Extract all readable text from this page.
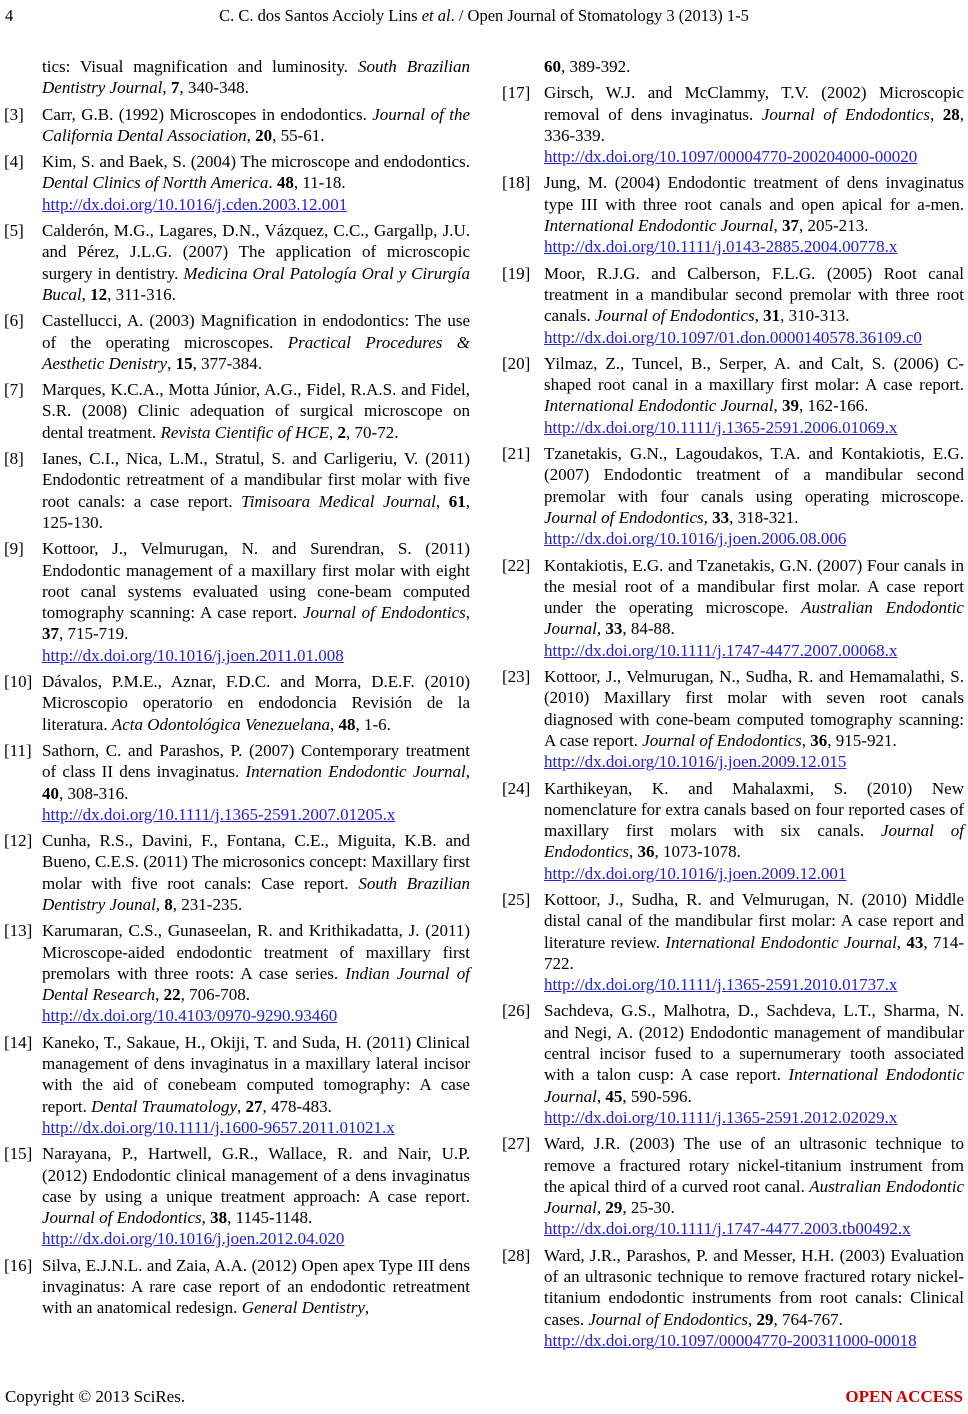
4	C. C. dos Santos Accioly Lins et al. / Open Journal of Stomatology 3 (2013) 1-5
tics: Visual magnification and luminosity. South Brazilian Dentistry Journal, 7, 340-348.
[3]	Carr, G.B. (1992) Microscopes in endodontics. Journal of the California Dental Association, 20, 55-61.
[4]	Kim, S. and Baek, S. (2004) The microscope and endodontics. Dental Clinics of Nortth America. 48, 11-18.
http://dx.doi.org/10.1016/j.cden.2003.12.001
[5]	Calderón, M.G., Lagares, D.N., Vázquez, C.C., Gargallp, J.U. and Pérez, J.L.G. (2007) The application of microscopic surgery in dentistry. Medicina Oral Patología Oral y Cirurgía Bucal, 12, 311-316.
[6]	Castellucci, A. (2003) Magnification in endodontics: The use of the operating microscopes. Practical Procedures & Aesthetic Denistry, 15, 377-384.
[7]	Marques, K.C.A., Motta Júnior, A.G., Fidel, R.A.S. and Fidel, S.R. (2008) Clinic adequation of surgical microscope on dental treatment. Revista Cientific of HCE, 2, 70-72.
[8]	Ianes, C.I., Nica, L.M., Stratul, S. and Carligeriu, V. (2011) Endodontic retreatment of a mandibular first molar with five root canals: a case report. Timisoara Medical Journal, 61, 125-130.
[9]	Kottoor, J., Velmurugan, N. and Surendran, S. (2011) Endodontic management of a maxillary first molar with eight root canal systems evaluated using cone-beam computed tomography scanning: A case report. Journal of Endodontics, 37, 715-719.
http://dx.doi.org/10.1016/j.joen.2011.01.008
[10] Dávalos, P.M.E., Aznar, F.D.C. and Morra, D.E.F. (2010) Microscopio operatorio en endodoncia Revisión de la literatura. Acta Odontológica Venezuelana, 48, 1-6.
[11] Sathorn, C. and Parashos, P. (2007) Contemporary treatment of class II dens invaginatus. Internation Endodontic Journal, 40, 308-316.
http://dx.doi.org/10.1111/j.1365-2591.2007.01205.x
[12] Cunha, R.S., Davini, F., Fontana, C.E., Miguita, K.B. and Bueno, C.E.S. (2011) The microsonics concept: Maxillary first molar with five root canals: Case report. South Brazilian Dentistry Jounal, 8, 231-235.
[13] Karumaran, C.S., Gunaseelan, R. and Krithikadatta, J. (2011) Microscope-aided endodontic treatment of maxillary first premolars with three roots: A case series. Indian Journal of Dental Research, 22, 706-708.
http://dx.doi.org/10.4103/0970-9290.93460
[14] Kaneko, T., Sakaue, H., Okiji, T. and Suda, H. (2011) Clinical management of dens invaginatus in a maxillary lateral incisor with the aid of conebeam computed tomography: A case report. Dental Traumatology, 27, 478-483.
http://dx.doi.org/10.1111/j.1600-9657.2011.01021.x
[15] Narayana, P., Hartwell, G.R., Wallace, R. and Nair, U.P. (2012) Endodontic clinical management of a dens invaginatus case by using a unique treatment approach: A case report. Journal of Endodontics, 38, 1145-1148.
http://dx.doi.org/10.1016/j.joen.2012.04.020
[16] Silva, E.J.N.L. and Zaia, A.A. (2012) Open apex Type III dens invaginatus: A rare case report of an endodontic retreatment with an anatomical redesign. General Dentistry,
60, 389-392.
[17] Girsch, W.J. and McClammy, T.V. (2002) Microscopic removal of dens invaginatus. Journal of Endodontics, 28, 336-339.
http://dx.doi.org/10.1097/00004770-200204000-00020
[18] Jung, M. (2004) Endodontic treatment of dens invaginatus type III with three root canals and open apical for a-men. International Endodontic Journal, 37, 205-213.
http://dx.doi.org/10.1111/j.0143-2885.2004.00778.x
[19] Moor, R.J.G. and Calberson, F.L.G. (2005) Root canal treatment in a mandibular second premolar with three root canals. Journal of Endodontics, 31, 310-313.
http://dx.doi.org/10.1097/01.don.0000140578.36109.c0
[20] Yilmaz, Z., Tuncel, B., Serper, A. and Calt, S. (2006) C-shaped root canal in a maxillary first molar: A case report. International Endodontic Journal, 39, 162-166.
http://dx.doi.org/10.1111/j.1365-2591.2006.01069.x
[21] Tzanetakis, G.N., Lagoudakos, T.A. and Kontakiotis, E.G. (2007) Endodontic treatment of a mandibular second premolar with four canals using operating microscope. Journal of Endodontics, 33, 318-321.
http://dx.doi.org/10.1016/j.joen.2006.08.006
[22] Kontakiotis, E.G. and Tzanetakis, G.N. (2007) Four canals in the mesial root of a mandibular first molar. A case report under the operating microscope. Australian Endodontic Journal, 33, 84-88.
http://dx.doi.org/10.1111/j.1747-4477.2007.00068.x
[23] Kottoor, J., Velmurugan, N., Sudha, R. and Hemamalathi, S. (2010) Maxillary first molar with seven root canals diagnosed with cone-beam computed tomography scanning: A case report. Journal of Endodontics, 36, 915-921.
http://dx.doi.org/10.1016/j.joen.2009.12.015
[24] Karthikeyan, K. and Mahalaxmi, S. (2010) New nomenclature for extra canals based on four reported cases of maxillary first molars with six canals. Journal of Endodontics, 36, 1073-1078.
http://dx.doi.org/10.1016/j.joen.2009.12.001
[25] Kottoor, J., Sudha, R. and Velmurugan, N. (2010) Middle distal canal of the mandibular first molar: A case report and literature review. International Endodontic Journal, 43, 714-722.
http://dx.doi.org/10.1111/j.1365-2591.2010.01737.x
[26] Sachdeva, G.S., Malhotra, D., Sachdeva, L.T., Sharma, N. and Negi, A. (2012) Endodontic management of mandibular central incisor fused to a supernumerary tooth associated with a talon cusp: A case report. International Endodontic Journal, 45, 590-596.
http://dx.doi.org/10.1111/j.1365-2591.2012.02029.x
[27] Ward, J.R. (2003) The use of an ultrasonic technique to remove a fractured rotary nickel-titanium instrument from the apical third of a curved root canal. Australian Endodontic Journal, 29, 25-30.
http://dx.doi.org/10.1111/j.1747-4477.2003.tb00492.x
[28] Ward, J.R., Parashos, P. and Messer, H.H. (2003) Evaluation of an ultrasonic technique to remove fractured rotary nickel-titanium endodontic instruments from root canals: Clinical cases. Journal of Endodontics, 29, 764-767.
http://dx.doi.org/10.1097/00004770-200311000-00018
Copyright © 2013 SciRes.	OPEN ACCESS
